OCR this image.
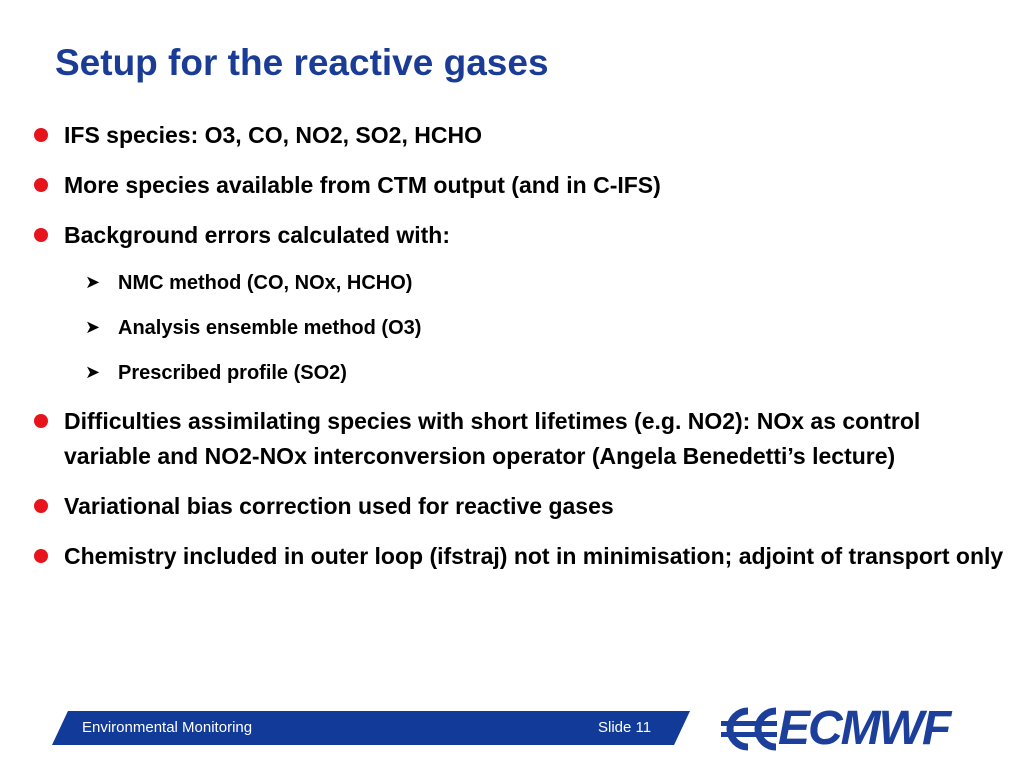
Setup for the reactive gases
IFS species: O3, CO, NO2, SO2, HCHO
More species available from CTM output (and in C-IFS)
Background errors calculated with:
➤ NMC method (CO, NOx, HCHO)
➤ Analysis ensemble method (O3)
➤ Prescribed profile (SO2)
Difficulties assimilating species with short lifetimes (e.g. NO2): NOx as control variable and NO2-NOx interconversion operator (Angela Benedetti’s lecture)
Variational bias correction used for reactive gases
Chemistry included in outer loop (ifstraj) not in minimisation; adjoint of transport only
Environmental Monitoring	Slide 11	ECMWF
